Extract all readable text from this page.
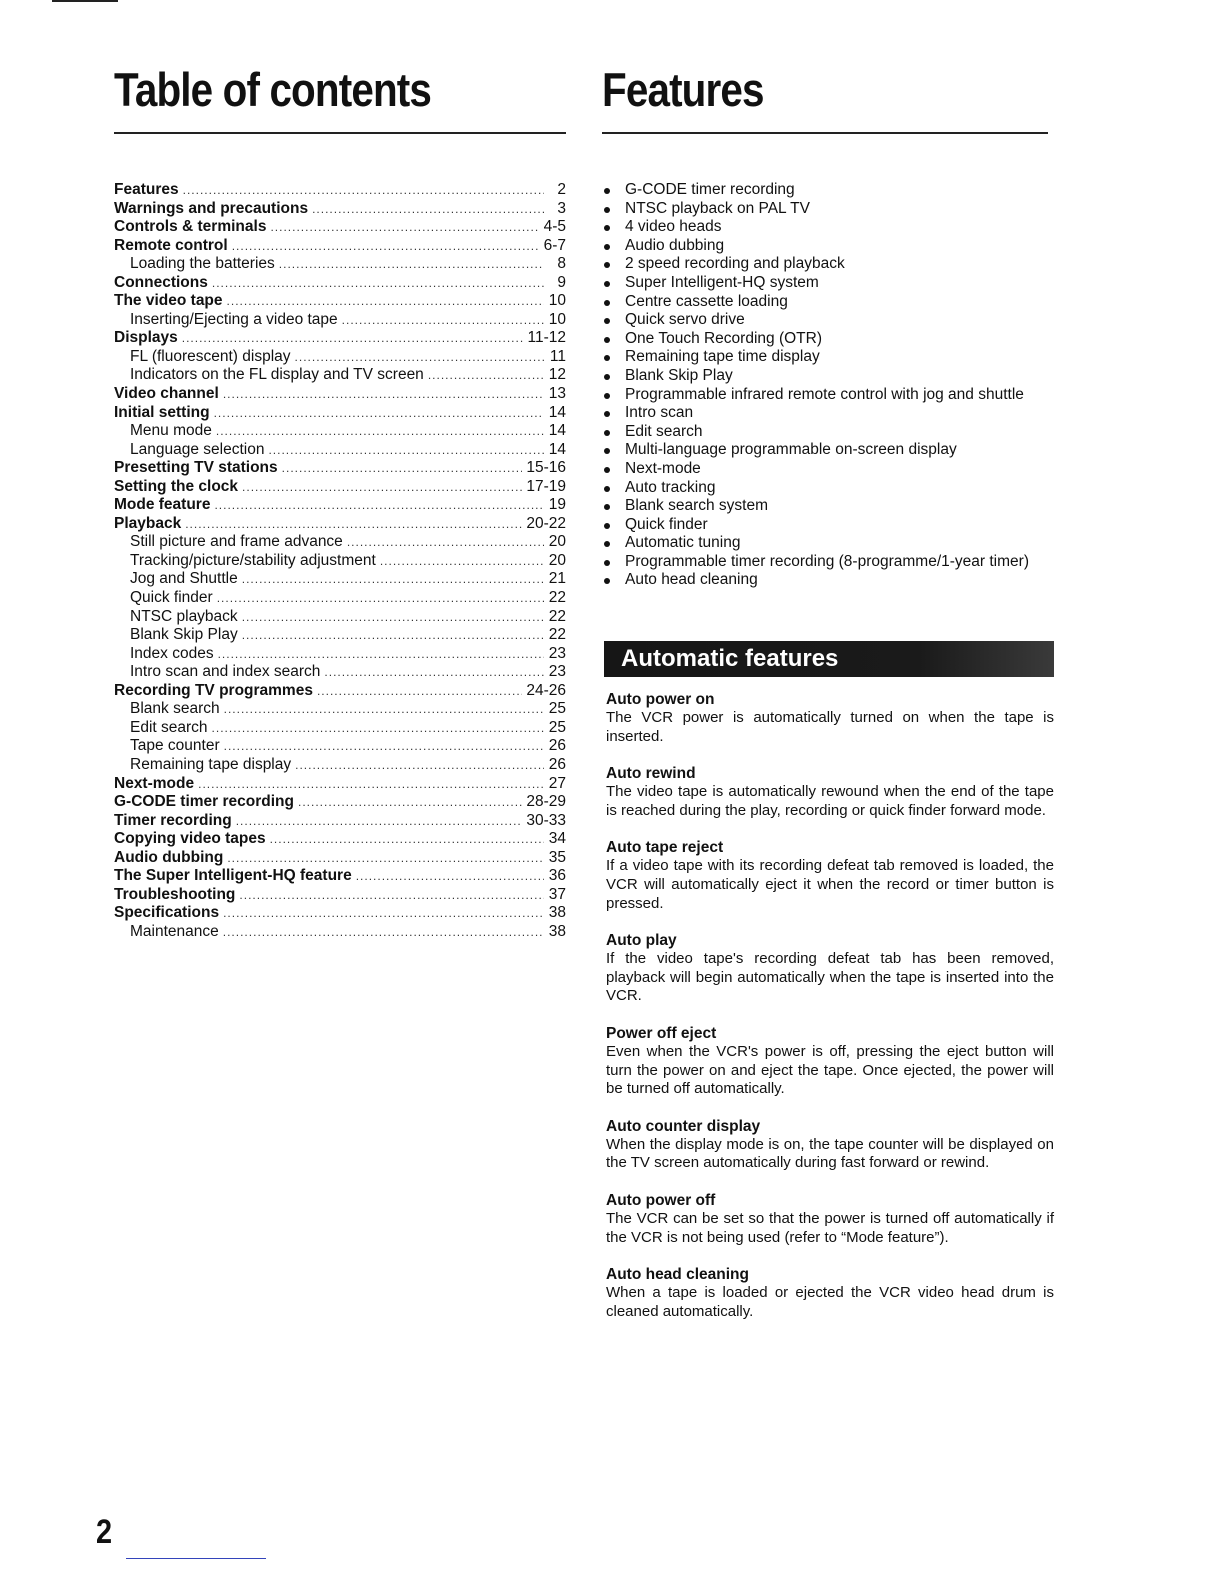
Table of contents	Features
Features .....	2
Warnings and precautions .....	3
Controls & terminals .....	4-5
Remote control .....	6-7
Loading the batteries .....	8
Connections .....	9
The video tape .....	10
Inserting/Ejecting a video tape .....	10
Displays .....	11-12
FL (fluorescent) display .....	11
Indicators on the FL display and TV screen .....	12
Video channel .....	13
Initial setting .....	14
Menu mode .....	14
Language selection .....	14
Presetting TV stations .....	15-16
Setting the clock .....	17-19
Mode feature .....	19
Playback .....	20-22
Still picture and frame advance .....	20
Tracking/picture/stability adjustment .....	20
Jog and Shuttle .....	21
Quick finder .....	22
NTSC playback .....	22
Blank Skip Play .....	22
Index codes .....	23
Intro scan and index search .....	23
Recording TV programmes .....	24-26
Blank search .....	25
Edit search .....	25
Tape counter .....	26
Remaining tape display .....	26
Next-mode .....	27
G-CODE timer recording .....	28-29
Timer recording .....	30-33
Copying video tapes .....	34
Audio dubbing .....	35
The Super Intelligent-HQ feature .....	36
Troubleshooting .....	37
Specifications .....	38
Maintenance .....	38
G-CODE timer recording
NTSC playback on PAL TV
4 video heads
Audio dubbing
2 speed recording and playback
Super Intelligent-HQ system
Centre cassette loading
Quick servo drive
One Touch Recording (OTR)
Remaining tape time display
Blank Skip Play
Programmable infrared remote control with jog and shuttle
Intro scan
Edit search
Multi-language programmable on-screen display
Next-mode
Auto tracking
Blank search system
Quick finder
Automatic tuning
Programmable timer recording (8-programme/1-year timer)
Auto head cleaning
Automatic features
Auto power on
The VCR power is automatically turned on when the tape is inserted.
Auto rewind
The video tape is automatically rewound when the end of the tape is reached during the play, recording or quick finder forward mode.
Auto tape reject
If a video tape with its recording defeat tab removed is loaded, the VCR will automatically eject it when the record or timer button is pressed.
Auto play
If the video tape's recording defeat tab has been removed, playback will begin automatically when the tape is inserted into the VCR.
Power off eject
Even when the VCR's power is off, pressing the eject button will turn the power on and eject the tape. Once ejected, the power will be turned off automatically.
Auto counter display
When the display mode is on, the tape counter will be displayed on the TV screen automatically during fast forward or rewind.
Auto power off
The VCR can be set so that the power is turned off automatically if the VCR is not being used (refer to “Mode feature”).
Auto head cleaning
When a tape is loaded or ejected the VCR video head drum is cleaned automatically.
2
